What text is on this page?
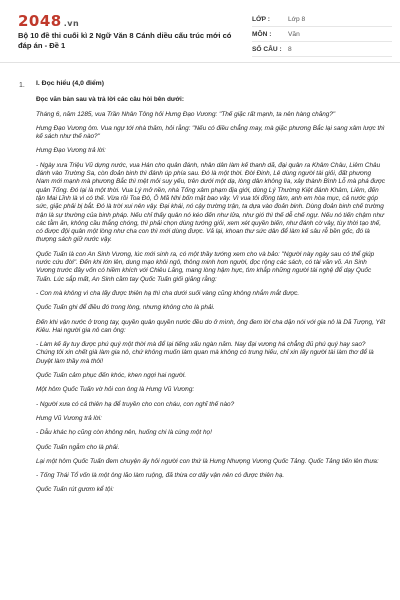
2048 .vn
Bộ 10 đề thi cuối kì 2 Ngữ Văn 8 Cánh diều cấu trúc mới có đáp án - Đề 1
LỚP :	Lớp 8
MÔN :	Văn
SỐ CÂU : 8
1. I. Đọc hiểu (4,0 điểm)
Đọc văn bản sau và trả lời các câu hỏi bên dưới:
Tháng 6, năm 1285, vua Trần Nhân Tông hỏi Hưng Đạo Vương: "Thế giặc rất mạnh, ta nên hàng chăng?"
Hưng Đạo Vương ôm. Vua ngự tới nhà thăm, hỏi rằng: "Nếu có điều chẳng may, mà giặc phương Bắc lại sang xâm lược thì kế sách như thế nào?"
Hưng Đạo Vương trả lời:
- Ngày xưa Triệu Vũ dựng nước, vua Hán cho quân đánh, nhân dân làm kế thanh dã, đại quân ra Khâm Châu, Liêm Châu đánh vào Trường Sa, còn đoản binh thì đánh úp phía sau. Đó là một thời. Đời Đinh, Lê dùng người tài giỏi, đất phương Nam mới mạnh mà phương Bắc thì mệt mỏi suy yếu, trên dưới một dạ, lòng dân không lìa, xây thành Bình Lỗ mà phá được quân Tống. Đó lại là một thời. Vua Lý mở nền, nhà Tống xâm phạm địa giới, dùng Lý Thường Kiệt đánh Khâm, Liêm, đến tận Mai Lĩnh là vì có thế. Vừa rồi Toa Đô, Ô Mã Nhi bốn mặt bao vây. Vì vua tôi đồng tâm, anh em hòa mục, cả nước góp sức, giặc phải bị bắt. Đó là trời xui nên vậy. Đại khái, nó cậy trường trận, ta dựa vào đoản binh. Dùng đoản binh chế trường trận là sự thường của binh pháp. Nếu chỉ thấy quân nó kéo đến như lửa, như gió thì thế dễ chế ngự. Nếu nó tiến chậm như các tằm ăn, không cầu thắng chóng, thì phải chọn dùng tướng giỏi, xem xét quyền biến, như đánh cờ vây, tùy thời tạo thế, có được đội quân một lòng như cha con thì mới dùng được. Vả lại, khoan thư sức dân để làm kế sâu rễ bền gốc, đó là thượng sách giữ nước vậy.
Quốc Tuấn là con An Sinh Vương, lúc mới sinh ra, có một thầy tướng xem cho và bảo: "Người này ngày sau có thể giúp nước cứu đời". Đến khi lớn lên, dung mạo khôi ngô, thông minh hơn người, đọc rộng các sách, có tài văn võ. An Sinh Vương trước đây vốn có hiềm khích với Chiêu Lăng, mang lòng hậm hực, tìm khắp những người tài nghệ để dạy Quốc Tuấn. Lúc sắp mất, An Sinh cầm tay Quốc Tuấn giối giăng rằng:
- Con mà không vì cha lấy được thiên hạ thì cha dưới suối vàng cũng không nhắm mắt được.
Quốc Tuấn ghi để điều đó trong lòng, nhưng không cho là phải.
Đến khi vận nước ở trong tay, quyền quân quyền nước đều do ở mình, ông đem lời cha dặn nói với gia nô là Dã Tượng, Yết Kiêu. Hai người gia nô can ông:
- Làm kế ấy tuy được phú quý một thời mà để lại tiếng xấu ngàn năm. Nay đại vương há chẳng đủ phú quý hay sao? Chúng tôi xin chết già làm gia nô, chứ không muốn làm quan mà không có trung hiếu, chỉ xin lấy người tài làm thơ để là Duyệt làm thầy mà thôi!
Quốc Tuấn cảm phục đến khóc, khen ngợi hai người.
Một hôm Quốc Tuấn vờ hỏi con ông là Hưng Vũ Vương:
- Người xưa có cả thiên hạ để truyền cho con cháu, con nghĩ thế nào?
Hưng Vũ Vương trả lời:
- Dẫu khác họ cũng còn không nên, huống chi là cùng một họ!
Quốc Tuấn ngẫm cho là phải.
Lại một hôm Quốc Tuấn đem chuyện ấy hỏi người con thứ là Hưng Nhượng Vương Quốc Tảng. Quốc Tảng tiến lên thưa:
- Tống Thái Tổ vốn là một ông lão làm ruộng, đã thừa cơ dấy vận nên có được thiên hạ.
Quốc Tuấn rút gươm kể tội:
